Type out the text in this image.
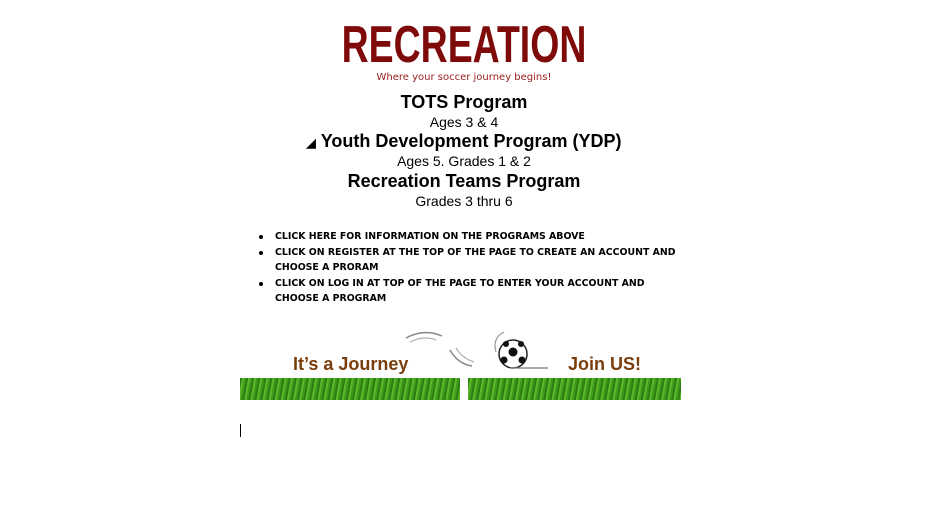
RECREATION
Where your soccer journey begins!
TOTS Program
Ages 3 & 4
◢ Youth Development Program (YDP)
Ages 5. Grades 1 & 2
Recreation Teams Program
Grades 3 thru 6
CLICK HERE FOR INFORMATION ON THE PROGRAMS ABOVE
CLICK ON REGISTER AT THE TOP OF THE PAGE TO CREATE AN ACCOUNT AND CHOOSE A PRORAM
CLICK ON LOG IN AT TOP OF THE PAGE TO ENTER YOUR ACCOUNT AND CHOOSE A PROGRAM
It’s a Journey	Join US!
